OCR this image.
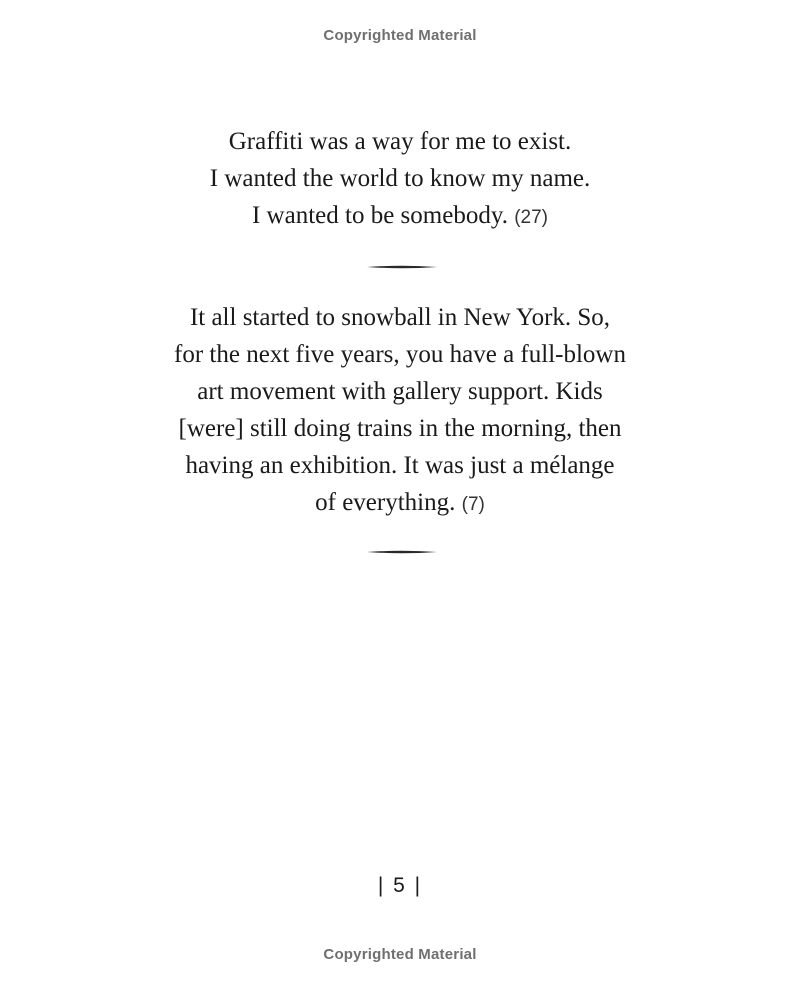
Copyrighted Material
Graffiti was a way for me to exist.
I wanted the world to know my name.
I wanted to be somebody. (27)
It all started to snowball in New York. So,
for the next five years, you have a full-blown
art movement with gallery support. Kids
[were] still doing trains in the morning, then
having an exhibition. It was just a mélange
of everything. (7)
| 5 |
Copyrighted Material
